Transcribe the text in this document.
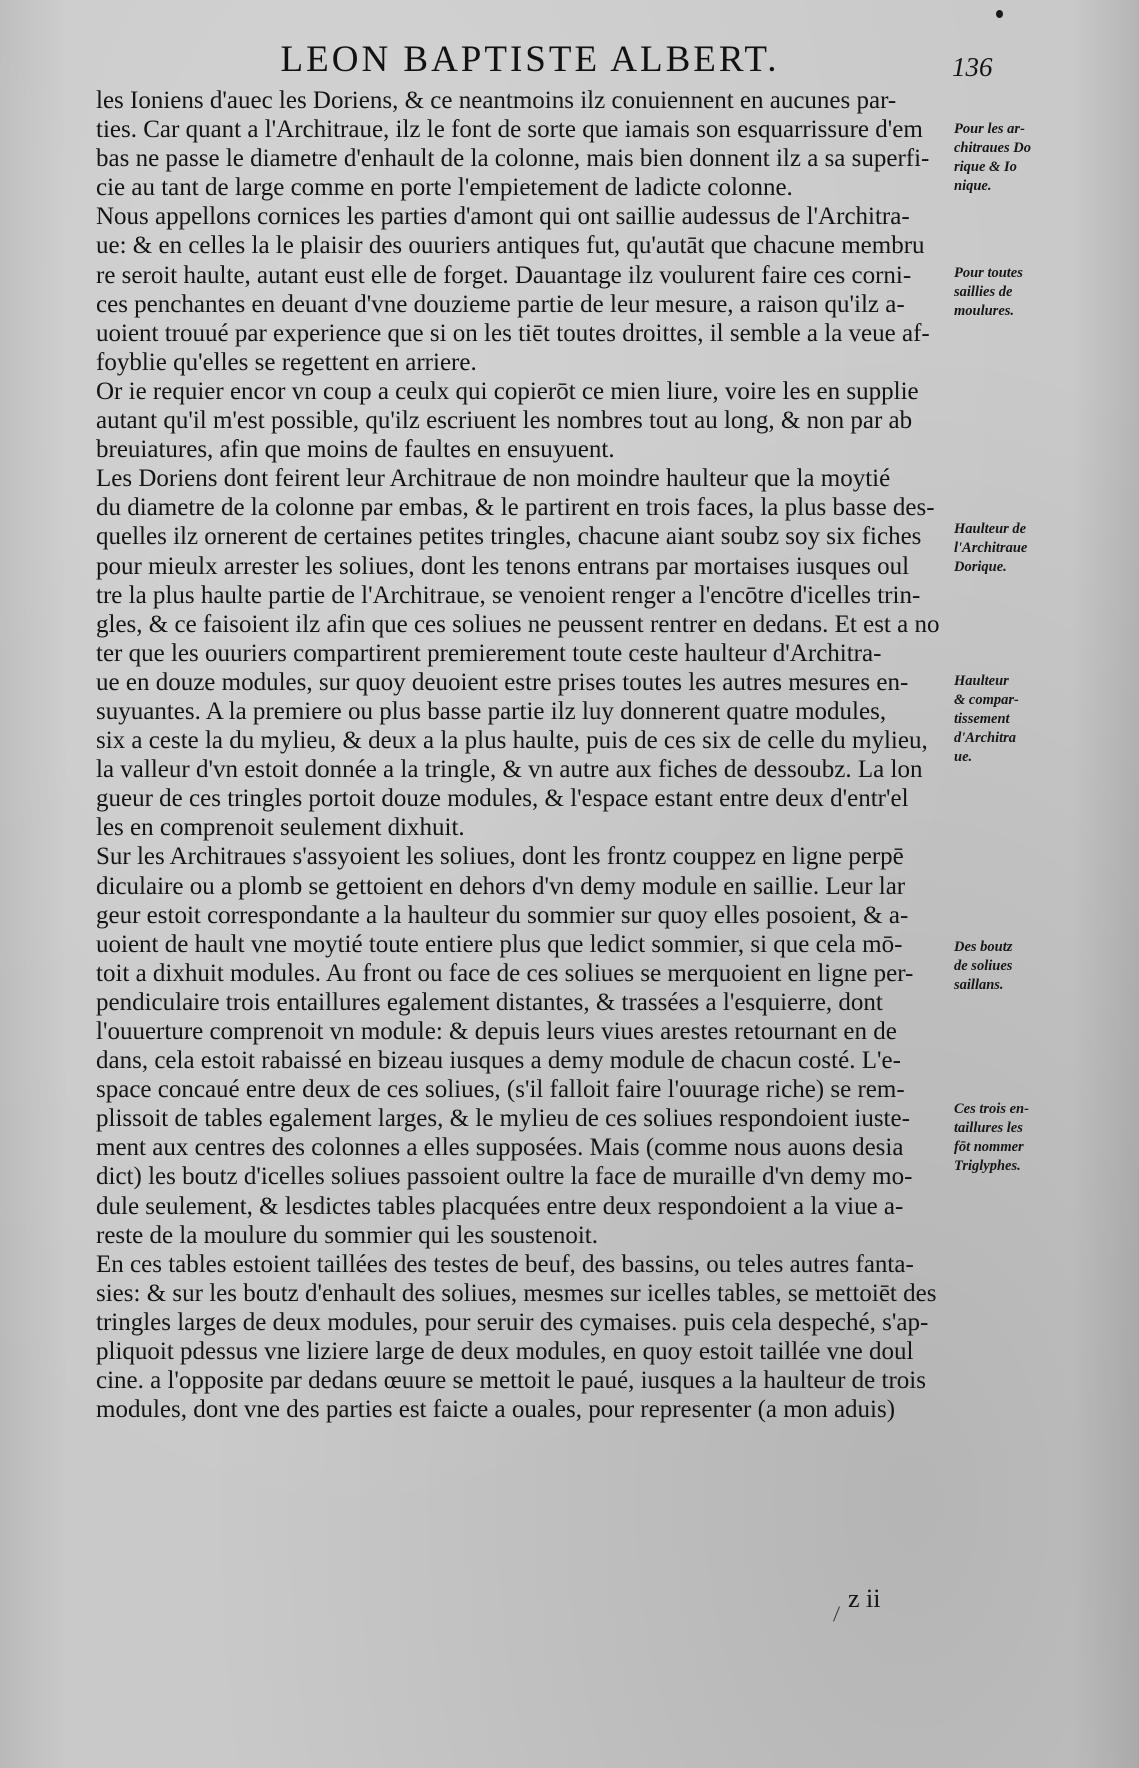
LEON BAPTISTE ALBERT.	136
les Ioniens d'auec les Doriens, & ce neantmoins ilz conuiennent en aucunes par-
ties. Car quant a l'Architraue, ilz le font de sorte que iamais son esquarrissure d'em
bas ne passe le diametre d'enhault de la colonne, mais bien donnent ilz a sa superfi-
cie au tant de large comme en porte l'empietement de ladicte colonne.
Nous appellons cornices les parties d'amont qui ont saillie audessus de l'Architra-
ue: & en celles la le plaisir des ouuriers antiques fut, qu'autāt que chacune membru
re seroit haulte, autant eust elle de forget. Dauantage ilz voulurent faire ces corni-
ces penchantes en deuant d'vne douzieme partie de leur mesure, a raison qu'ilz a-
uoient trouué par experience que si on les tiēt toutes droittes, il semble a la veue af-
foyblie qu'elles se regettent en arriere.
Or ie requier encor vn coup a ceulx qui copierōt ce mien liure, voire les en supplie
autant qu'il m'est possible, qu'ilz escriuent les nombres tout au long, & non par ab
breuiatures, afin que moins de faultes en ensuyuent.
Les Doriens dont feirent leur Architraue de non moindre haulteur que la moytié
du diametre de la colonne par embas, & le partirent en trois faces, la plus basse des-
quelles ilz ornerent de certaines petites tringles, chacune aiant soubz soy six fiches
pour mieulx arrester les soliues, dont les tenons entrans par mortaises iusques oul
tre la plus haulte partie de l'Architraue, se venoient renger a l'encōtre d'icelles trin-
gles, & ce faisoient ilz afin que ces soliues ne peussent rentrer en dedans. Et est a no
ter que les ouuriers compartirent premierement toute ceste haulteur d'Architra-
ue en douze modules, sur quoy deuoient estre prises toutes les autres mesures en-
suyuantes. A la premiere ou plus basse partie ilz luy donnerent quatre modules,
six a ceste la du mylieu, & deux a la plus haulte, puis de ces six de celle du mylieu,
la valleur d'vn estoit donnée a la tringle, & vn autre aux fiches de dessoubz. La lon
gueur de ces tringles portoit douze modules, & l'espace estant entre deux d'entr'el
les en comprenoit seulement dixhuit.
Sur les Architraues s'assyoient les soliues, dont les frontz couppez en ligne perpē
diculaire ou a plomb se gettoient en dehors d'vn demy module en saillie. Leur lar
geur estoit correspondante a la haulteur du sommier sur quoy elles posoient, & a-
uoient de hault vne moytié toute entiere plus que ledict sommier, si que cela mō-
toit a dixhuit modules. Au front ou face de ces soliues se merquoient en ligne per-
pendiculaire trois entaillures egalement distantes, & trassées a l'esquierre, dont
l'ouuerture comprenoit vn module: & depuis leurs viues arestes retournant en de
dans, cela estoit rabaissé en bizeau iusques a demy module de chacun costé. L'e-
space concaué entre deux de ces soliues, (s'il falloit faire l'ouurage riche) se rem-
plissoit de tables egalement larges, & le mylieu de ces soliues respondoient iuste-
ment aux centres des colonnes a elles supposées. Mais (comme nous auons desia
dict) les boutz d'icelles soliues passoient oultre la face de muraille d'vn demy mo-
dule seulement, & lesdictes tables placquées entre deux respondoient a la viue a-
reste de la moulure du sommier qui les soustenoit.
En ces tables estoient taillées des testes de beuf, des bassins, ou teles autres fanta-
sies: & sur les boutz d'enhault des soliues, mesmes sur icelles tables, se mettoiēt des
tringles larges de deux modules, pour seruir des cymaises. puis cela despeché, s'ap-
pliquoit pdessus vne liziere large de deux modules, en quoy estoit taillée vne doul
cine. a l'opposite par dedans œuure se mettoit le paué, iusques a la haulteur de trois
modules, dont vne des parties est faicte a ouales, pour representer (a mon aduis)
Pour les ar-
chitraues Do
rique & Io
nique.
Pour toutes
saillies de
moulures.
Haulteur de
l'Architraue
Dorique.
Haulteur
& compar-
tissement
d'Architra
ue.
Des boutz
de soliues
saillans.
Ces trois en-
taillures les
fōt nommer
Triglyphes.
z ii
